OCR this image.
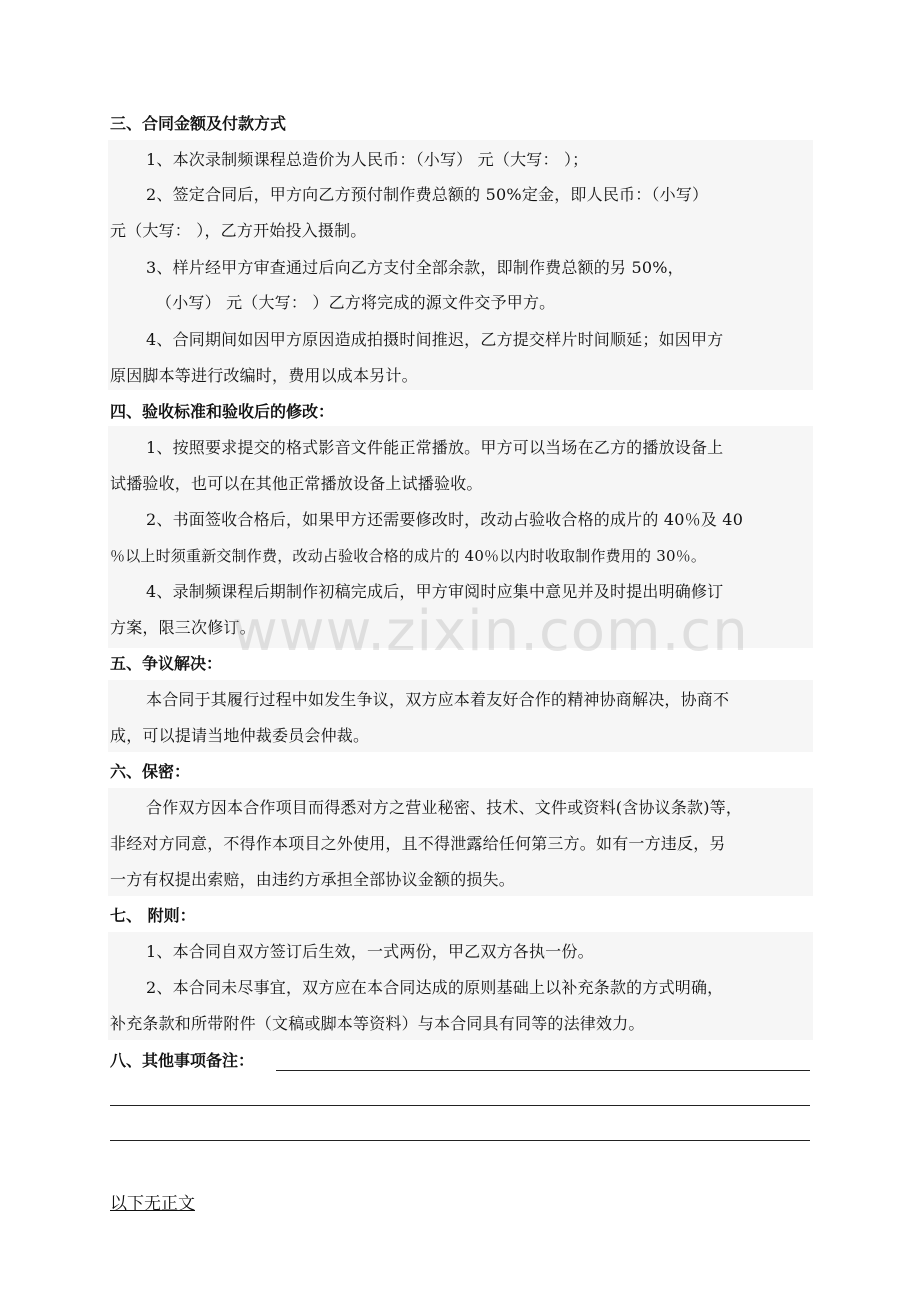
三、合同金额及付款方式
1、本次录制频课程总造价为人民币：（小写） 元（大写： ）；
2、签定合同后，甲方向乙方预付制作费总额的 50%定金，即人民币：（小写）
元（大写： ），乙方开始投入摄制。
3、样片经甲方审查通过后向乙方支付全部余款，即制作费总额的另 50%，
（小写） 元（大写： ）乙方将完成的源文件交予甲方。
4、合同期间如因甲方原因造成拍摄时间推迟，乙方提交样片时间顺延；如因甲方
原因脚本等进行改编时，费用以成本另计。
四、验收标准和验收后的修改：
1、按照要求提交的格式影音文件能正常播放。甲方可以当场在乙方的播放设备上
试播验收，也可以在其他正常播放设备上试播验收。
2、书面签收合格后，如果甲方还需要修改时，改动占验收合格的成片的 40％及 40
％以上时须重新交制作费，改动占验收合格的成片的 40％以内时收取制作费用的 30％。
4、录制频课程后期制作初稿完成后，甲方审阅时应集中意见并及时提出明确修订
方案，限三次修订。
五、争议解决：
本合同于其履行过程中如发生争议，双方应本着友好合作的精神协商解决，协商不
成，可以提请当地仲裁委员会仲裁。
六、保密：
合作双方因本合作项目而得悉对方之营业秘密、技术、文件或资料(含协议条款)等，
非经对方同意，不得作本项目之外使用，且不得泄露给任何第三方。如有一方违反，另
一方有权提出索赔，由违约方承担全部协议金额的损失。
七、 附则：
1、本合同自双方签订后生效，一式两份，甲乙双方各执一份。
2、本合同未尽事宜，双方应在本合同达成的原则基础上以补充条款的方式明确，
补充条款和所带附件（文稿或脚本等资料）与本合同具有同等的法律效力。
八、其他事项备注：
www.zixin.com.cn
以下无正文
